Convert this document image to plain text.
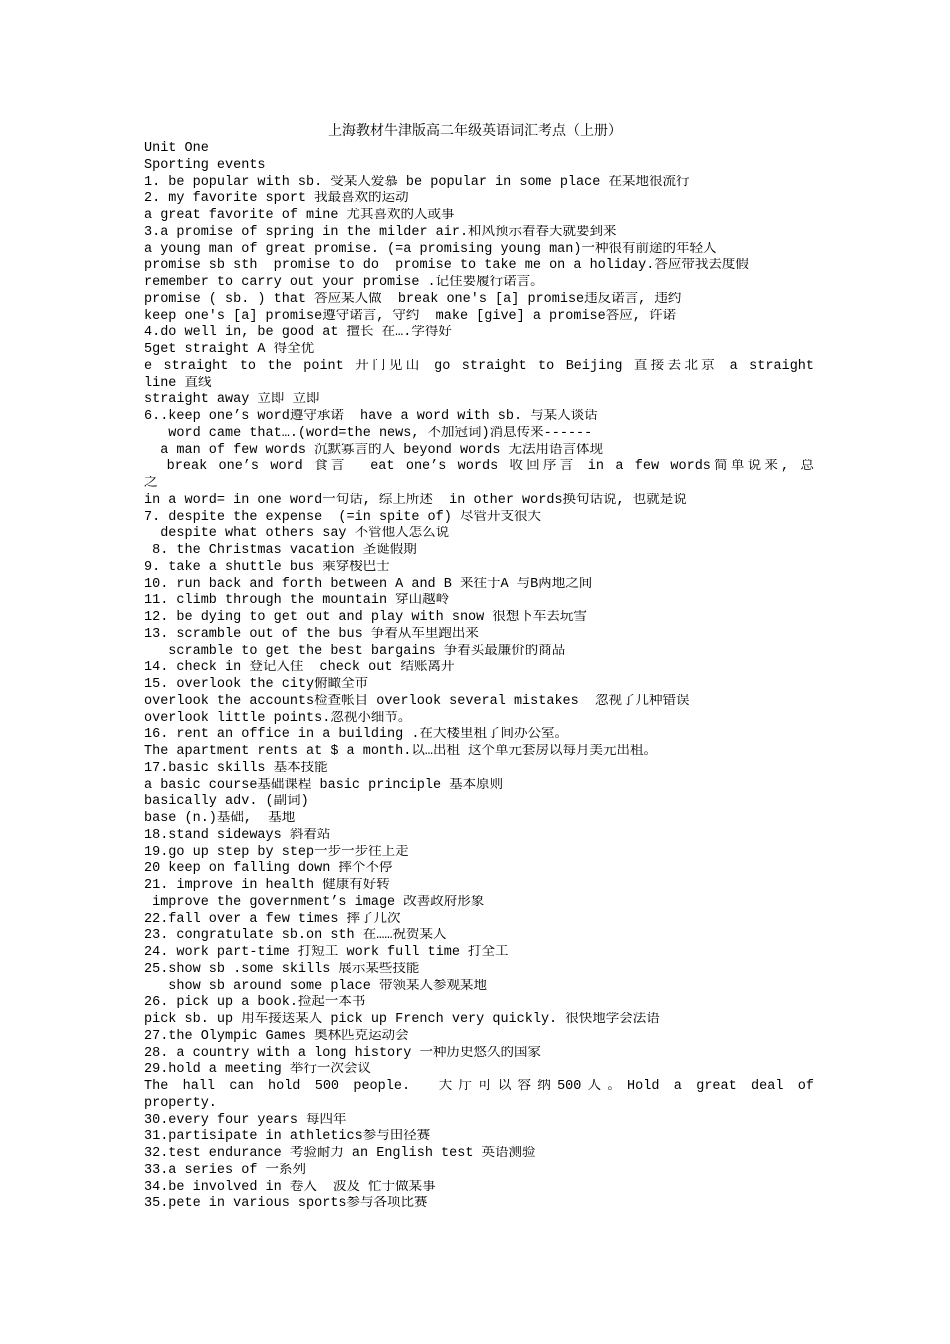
上海教材牛津版高二年级英语词汇考点（上册）
Unit One
Sporting events
1. be popular with sb. 受某人爱慕 be popular in some place 在某地很流行
2. my favorite sport 我最喜欢的运动
a great favorite of mine 尤其喜欢的人或事
3.a promise of spring in the milder air.和风预示着春天就要到来
a young man of great promise. (=a promising young man)一种很有前途的年轻人
promise sb sth  promise to do  promise to take me on a holiday.答应带我去度假
remember to carry out your promise .记住要履行诺言。
promise ( sb. ) that 答应某人做  break one's [a] promise违反诺言, 违约
keep one's [a] promise遵守诺言, 守约  make [give] a promise答应, 许诺
4.do well in, be good at 擅长 在….学得好
5get straight A 得全优
e straight to the point 开门见山 go straight to Beijing 直接去北京 a straight
line 直线
straight away 立即 立即
6..keep one’s word遵守承诺  have a word with sb. 与某人谈话
word came that….(word=the news, 不加冠词)消息传来------
a man of few words 沉默寡言的人 beyond words 无法用语言体现
break one’s word 食言  eat one’s words 收回序言 in a few words简单说来, 总
之
in a word= in one word一句话, 综上所述  in other words换句话说, 也就是说
7. despite the expense  (=in spite of) 尽管开支很大
despite what others say 不管他人怎么说
8. the Christmas vacation 圣诞假期
9. take a shuttle bus 乘穿梭巴士
10. run back and forth between A and B 来往于A 与B两地之间
11. climb through the mountain 穿山越岭
12. be dying to get out and play with snow 很想下车去玩雪
13. scramble out of the bus 争着从车里跑出来
scramble to get the best bargains 争着买最廉价的商品
14. check in 登记入住  check out 结账离开
15. overlook the city俯瞰全市
overlook the accounts检查帐目 overlook several mistakes  忽视了几种错误
overlook little points.忽视小细节。
16. rent an office in a building .在大楼里租了间办公室。
The apartment rents at $ a month.以…出租 这个单元套房以每月美元出租。
17.basic skills 基本技能
a basic course基础课程 basic principle 基本原则
basically adv. (副词)
base (n.)基础,  基地
18.stand sideways 斜着站
19.go up step by step一步一步往上走
20 keep on falling down 摔个不停
21. improve in health 健康有好转
improve the government’s image 改善政府形象
22.fall over a few times 摔了几次
23. congratulate sb.on sth 在……祝贺某人
24. work part-time 打短工 work full time 打全工
25.show sb .some skills 展示某些技能
show sb around some place 带领某人参观某地
26. pick up a book.捡起一本书
pick sb. up 用车接送某人 pick up French very quickly. 很快地学会法语
27.the Olympic Games 奥林匹克运动会
28. a country with a long history 一种历史悠久的国家
29.hold a meeting 举行一次会议
The hall can hold 500 people.  大厅可以容纳500人。Hold a great deal of
property.
30.every four years 每四年
31.partisipate in athletics参与田径赛
32.test endurance 考验耐力 an English test 英语测验
33.a series of 一系列
34.be involved in 卷入  波及 忙于做某事
35.pete in various sports参与各项比赛
